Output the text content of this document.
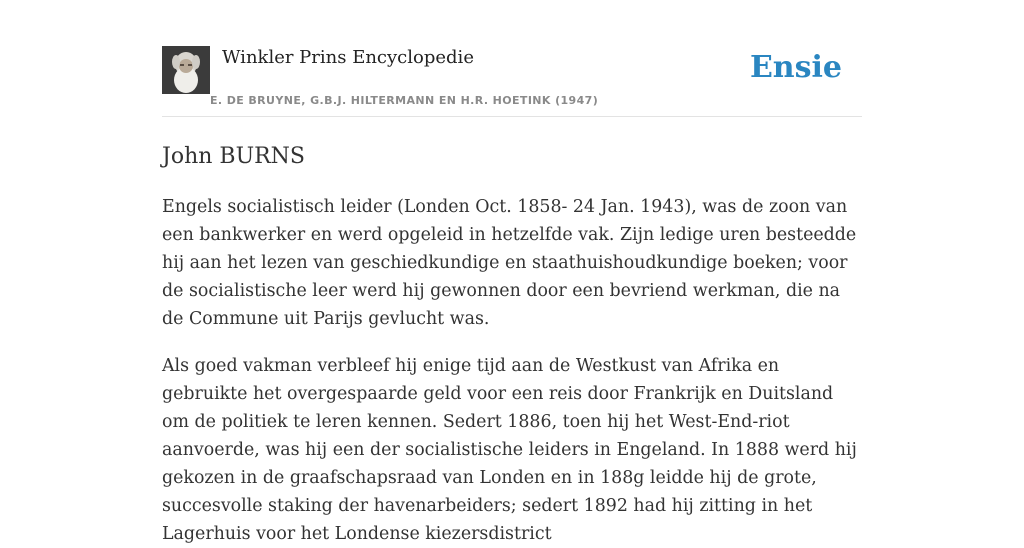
Winkler Prins Encyclopedie
E. DE BRUYNE, G.B.J. HILTERMANN EN H.R. HOETINK (1947)
Ensie
John BURNS

Engels socialistisch leider (Londen Oct. 1858- 24 Jan. 1943), was de zoon van een bankwerker en werd opgeleid in hetzelfde vak. Zijn ledige uren besteedde hij aan het lezen van geschiedkundige en staathuishoudkundige boeken; voor de socialistische leer werd hij gewonnen door een bevriend werkman, die na de Commune uit Parijs gevlucht was.

Als goed vakman verbleef hij enige tijd aan de Westkust van Afrika en gebruikte het overgespaarde geld voor een reis door Frankrijk en Duitsland om de politiek te leren kennen. Sedert 1886, toen hij het West-End-riot aanvoerde, was hij een der socialistische leiders in Engeland. In 1888 werd hij gekozen in de graafschapsraad van Londen en in 188g leidde hij de grote, succesvolle staking der havenarbeiders; sedert 1892 had hij zitting in het Lagerhuis voor het Londense kiezersdistrict
